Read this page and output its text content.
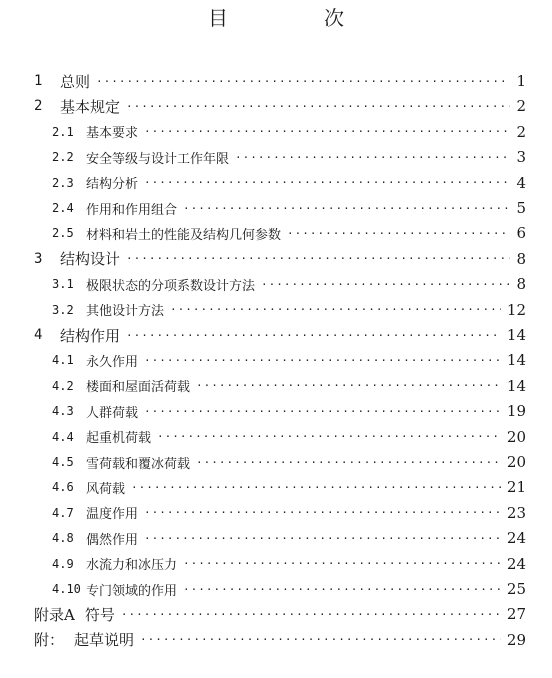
目　次
1	总则 ·····	1
2	基本规定 ·····	2
2.1 基本要求 ·····	2
2.2 安全等级与设计工作年限 ·····	3
2.3 结构分析 ·····	4
2.4 作用和作用组合 ·····	5
2.5 材料和岩土的性能及结构几何参数 ·····	6
3	结构设计 ·····	8
3.1 极限状态的分项系数设计方法 ·····	8
3.2 其他设计方法 ·····	12
4	结构作用 ·····	14
4.1 永久作用 ·····	14
4.2 楼面和屋面活荷载 ·····	14
4.3 人群荷载 ·····	19
4.4 起重机荷载 ·····	20
4.5 雪荷载和覆冰荷载 ·····	20
4.6 风荷载 ·····	21
4.7 温度作用 ·····	23
4.8 偶然作用 ·····	24
4.9 水流力和冰压力 ·····	24
4.10 专门领域的作用 ·····	25
附录A 符号 ·····	27
附： 起草说明 ·····	29
